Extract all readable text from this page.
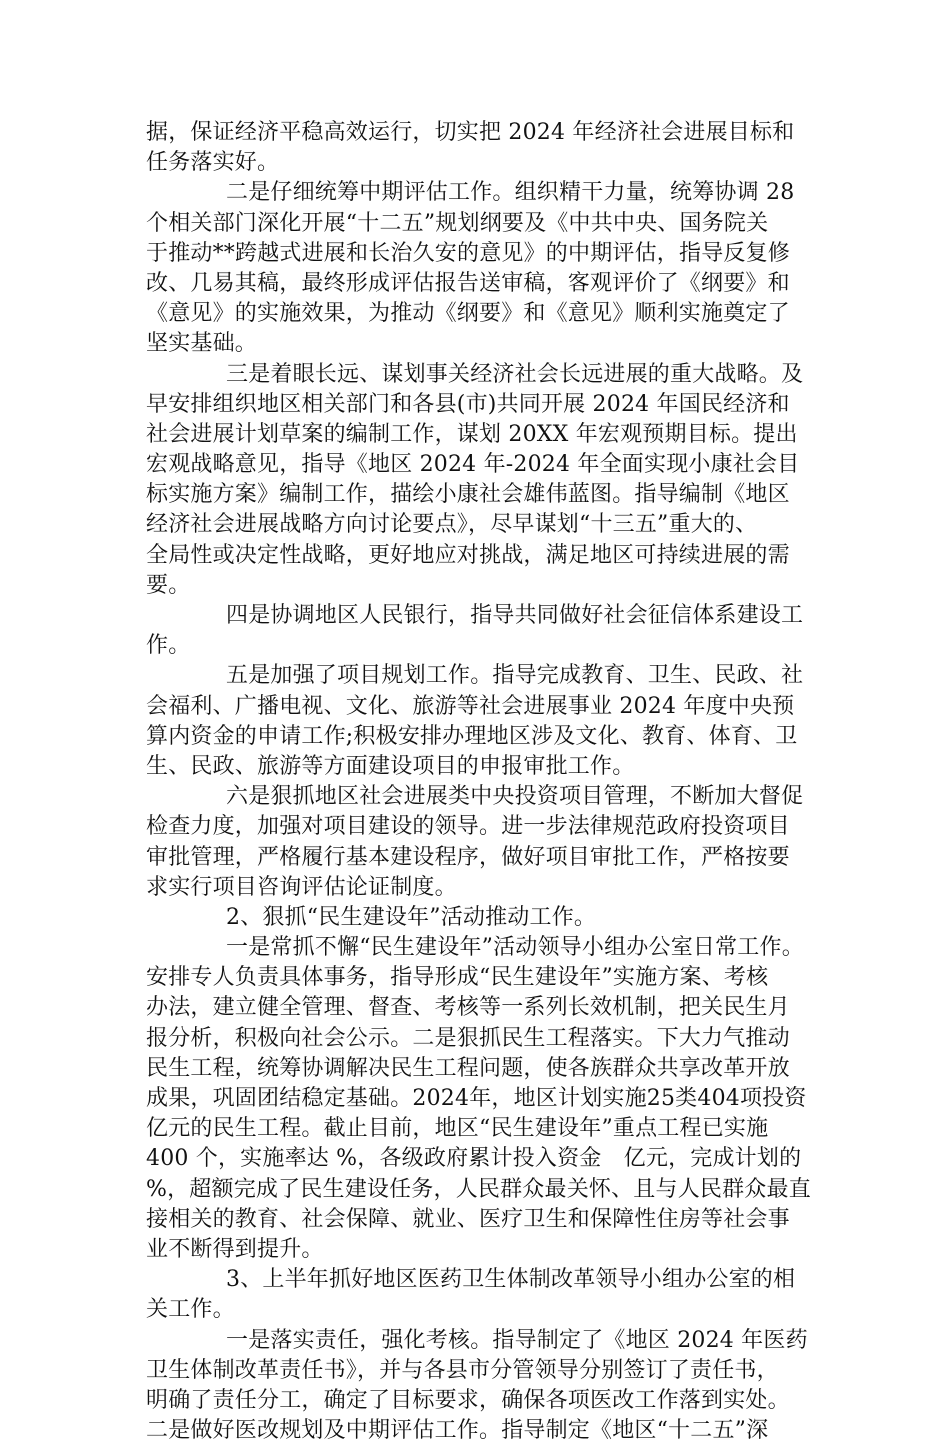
据，保证经济平稳高效运行，切实把 2024 年经济社会进展目标和
任务落实好。
二是仔细统筹中期评估工作。组织精干力量，统筹协调 28
个相关部门深化开展“十二五”规划纲要及《中共中央、国务院关
于推动**跨越式进展和长治久安的意见》的中期评估，指导反复修
改、几易其稿，最终形成评估报告送审稿，客观评价了《纲要》和
《意见》的实施效果，为推动《纲要》和《意见》顺利实施奠定了
坚实基础。
三是着眼长远、谋划事关经济社会长远进展的重大战略。及
早安排组织地区相关部门和各县(市)共同开展 2024 年国民经济和
社会进展计划草案的编制工作，谋划 20XX 年宏观预期目标。提出
宏观战略意见，指导《地区 2024 年-2024 年全面实现小康社会目
标实施方案》编制工作，描绘小康社会雄伟蓝图。指导编制《地区
经济社会进展战略方向讨论要点》，尽早谋划“十三五”重大的、
全局性或决定性战略，更好地应对挑战，满足地区可持续进展的需
要。
四是协调地区人民银行，指导共同做好社会征信体系建设工
作。
五是加强了项目规划工作。指导完成教育、卫生、民政、社
会福利、广播电视、文化、旅游等社会进展事业 2024 年度中央预
算内资金的申请工作;积极安排办理地区涉及文化、教育、体育、卫
生、民政、旅游等方面建设项目的申报审批工作。
六是狠抓地区社会进展类中央投资项目管理，不断加大督促
检查力度，加强对项目建设的领导。进一步法律规范政府投资项目
审批管理，严格履行基本建设程序，做好项目审批工作，严格按要
求实行项目咨询评估论证制度。
2、狠抓“民生建设年”活动推动工作。
一是常抓不懈“民生建设年”活动领导小组办公室日常工作。
安排专人负责具体事务，指导形成“民生建设年”实施方案、考核
办法，建立健全管理、督查、考核等一系列长效机制，把关民生月
报分析，积极向社会公示。二是狠抓民生工程落实。下大力气推动
民生工程，统筹协调解决民生工程问题，使各族群众共享改革开放
成果，巩固团结稳定基础。2024年，地区计划实施25类404项投资
亿元的民生工程。截止目前，地区“民生建设年”重点工程已实施
400 个，实施率达 %，各级政府累计投入资金　亿元，完成计划的
%，超额完成了民生建设任务，人民群众最关怀、且与人民群众最直
接相关的教育、社会保障、就业、医疗卫生和保障性住房等社会事
业不断得到提升。
3、上半年抓好地区医药卫生体制改革领导小组办公室的相
关工作。
一是落实责任，强化考核。指导制定了《地区 2024 年医药
卫生体制改革责任书》，并与各县市分管领导分别签订了责任书，
明确了责任分工，确定了目标要求，确保各项医改工作落到实处。
二是做好医改规划及中期评估工作。指导制定《地区“十二五”深
